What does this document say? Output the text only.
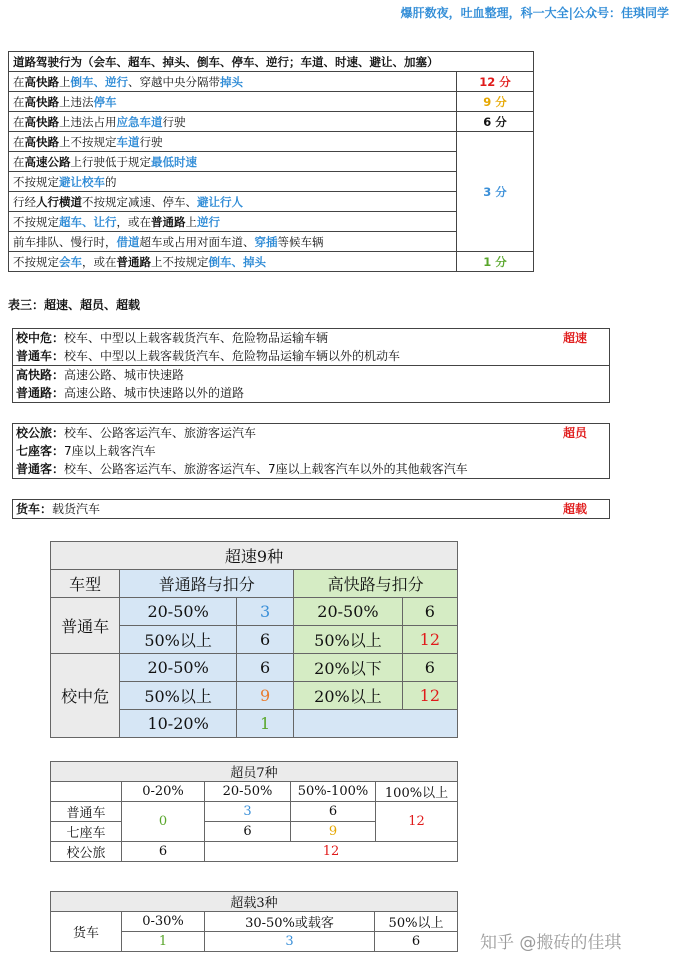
爆肝数夜，吐血整理，科一大全|公众号：佳琪同学
道路驾驶行为（会车、超车、掉头、倒车、停车、逆行；车道、时速、避让、加塞）	
在高快路上倒车、逆行、穿越中央分隔带掉头	12 分
在高快路上违法停车	9 分
在高快路上违法占用应急车道行驶	6 分
在高快路上不按规定车道行驶	3 分
在高速公路上行驶低于规定最低时速	
不按规定避让校车的	
行经人行横道不按规定减速、停车、避让行人	
不按规定超车、让行，或在普通路上逆行	
前车排队、慢行时，借道超车或占用对面车道、穿插等候车辆	
不按规定会车，或在普通路上不按规定倒车、掉头	1 分
表三：超速、超员、超载
校中危：校车、中型以上载客载货汽车、危险物品运输车辆	超速
普通车：校车、中型以上载客载货汽车、危险物品运输车辆以外的机动车
高快路：高速公路、城市快速路
普通路：高速公路、城市快速路以外的道路
校公旅：校车、公路客运汽车、旅游客运汽车	超员
七座客：7座以上载客汽车
普通客：校车、公路客运汽车、旅游客运汽车、7座以上载客汽车以外的其他载客汽车
货车：载货汽车	超载
超速9种				
车型	普通路与扣分		高快路与扣分	
普通车	20-50%	3	20-50%	6
	50%以上	6	50%以上	12
校中危	20-50%	6	20%以下	6
	50%以上	9	20%以上	12
	10-20%	1		
超员7种				
	0-20%	20-50%	50%-100%	100%以上
普通车	0	3	6	12
七座车		6	9	
校公旅	6	12		
超载3种			
货车	0-30%	30-50%或载客	50%以上
	1	3	6	知乎 @搬砖的佳琪
